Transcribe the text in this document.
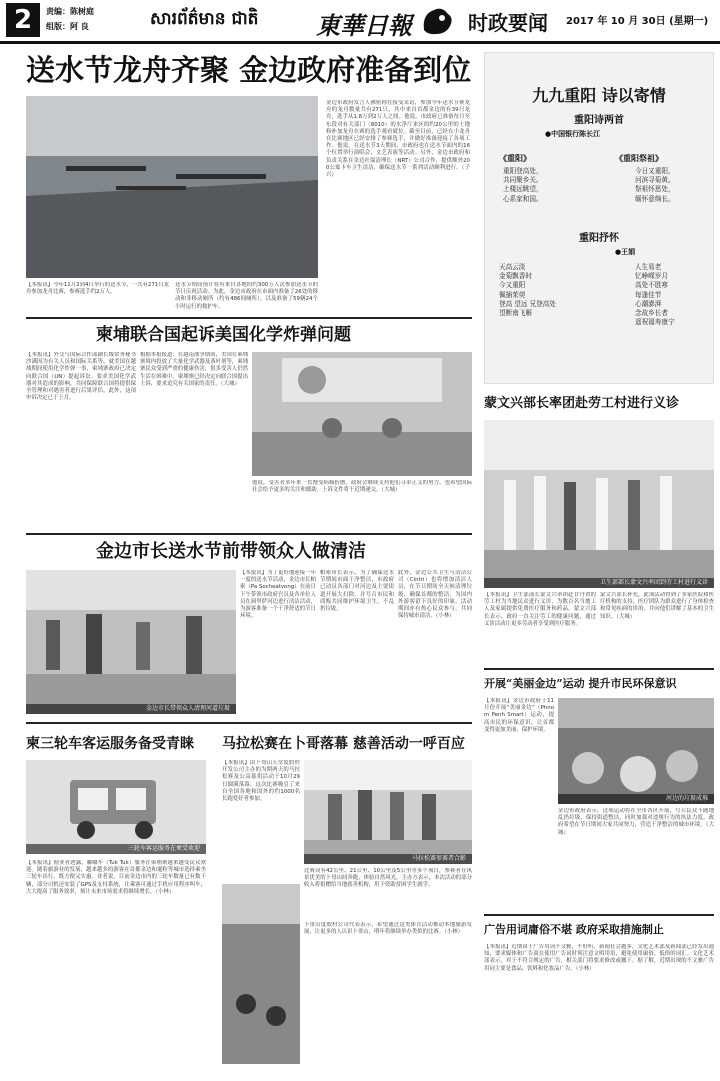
2	责编：陈树庭
组版：阿 良	សារព័ត៌មាន ជាតិ 東華日報	时政要闻 2017 年 10 月 30日 (星期一)
送水节龙舟齐聚 金边政府准备到位
【本报讯】今年11月2到4日举行的送水节，一共有271只龙舟参加龙舟比赛，参赛选手约2万人。
送水节期间预计将有来自各地的约300万人次参加送水节的节日庆祝活动。为此，金边市政府在市面内准备了26处的移动和非移动厕所（约有486间厕所），以及准备了59辆24个小时运行的救护车。
金边市政府发言人佛密称在接受采访，参加今年送水节赛龙舟的龙舟数量共有271只，其中来自首都金边的有39只龙舟，选手从1.8万到2万人之间。他说，市政府已准备每月至东段对有关部门（8010）的水净厅来区的约20公里的土地修补加龙舟在赛的选手观看就位。截至目前，已经在小龙舟在比赛地区已经安排了参赛选手，并做好准备迎接了各项工作。他说，在送水节3天期间，市政府也在送水节面内的16个位置举行演唱会，文艺表演等活动。另外，金边市政府和负责关系在金边社保清理长（NRT）公司合作，提供额外200公寓卡车卫生清洁，确保送水节一系列活动顺利进行。（子兴）
柬埔联合国起诉美国化学炸弹问题
【本报讯】外交与国际合作部副长级常务秘书沙满因为有关人员和国际关系等，就美国在越战期间使用化学炸弹一事，柬埔寨政府已决定向联合国（UN）提起诉讼。要求美国化学武器对其造成的影响，共同保障联合国将提供保全管理和对遇害者进行后果评估。此外，这项申诉决定已于上月。
根据本报报道：在越南战争期间，美国在柬埔寨境内投放了大量化学武器及落叶剂等，柬埔寨民众受到严重的健康伤害，很多受害人仍然生活在困难中。柬埔寨已经决定向联合国提出上诉，要求追究有关国家的责任。（大城）
他说，受害者多年来一直饱受病痛折磨，政府会继续支持他们寻求正义的努力，也希望国际社会给予更多的关注和援助。上诉文件将于近期递交。（大城）
金边市长送水节前带领众人做清洁
金边市长带领众人清理河道垃圾
【本报讯】为了更好地迎接一年一度的送水节活动，金边市长帕索（Pa Socheatvong）在前日下午带领市政府官员及各单位人员在洞里萨河边进行清洁活动，为游客准备一个干净舒适的节日环境。
帕索市长表示，为了确保送水节期间市面干净整洁，市政府已动员各部门对河边及主要街道开展大扫除，并号召市民和商贩共同维护环境卫生，不乱扔垃圾。
此外，金边公共卫生与清洁公司（Cintri）也将增加清洁人员，在节日期间全天候清理垃圾，确保首都的整洁，为国内外游客留下良好的印象。活动期间亦有热心民众参与，共同保持城市清洁。（小林）
柬三轮车客运服务备受青睐
三轮车客运服务在柬受欢迎
【本报讯】据业者透露，嘟嘟车（Tuk Tuk）服务在柬埔寨越来越受民众欢迎。随着旅游业的发展，越来越多的游客在首都金边和暹粒等城市选择乘坐三轮车出行，既方便又实惠。业者说，目前金边市内的三轮车数量已有数千辆，部分司机还安装了GPS及支付系统，让乘客可通过手机应用程序叫车，大大提高了服务效率，预计未来市场需求将继续增长。（小林）
马拉松赛在卜哥落幕 慈善活动一呼百应
【本报讯】由卜哥山天堂度假村开发公司主办的为期两天的马拉松赛及公益募捐活动于10月29日圆满落幕。这次比赛吸引了来自全国各地和国外的约1000名长跑爱好者参加。
马拉松赛参赛者合影
比赛设有42公里、21公里、10公里及5公里等多个项目，参赛者在风景优美的卜哥山间奔跑，体验自然风光。主办方表示，本次活动的部分收入将捐赠给当地慈善机构，用于资助贫困学生就学。
卜哥山度假村公司代表表示，希望通过这类体育活动推动本地旅游发展，让更多的人认识卜哥山，明年将继续举办类似的比赛。（小林）
九九重阳 诗以寄情
重阳诗两首
●中国银行陈长江
《重阳》
重阳登高处，
共同聚乡关。
上楼远眺望，
心系家和国。
《重阳祭祖》
今日又重阳，
河滨寻菊黄。
祭祖怀思处，
缅怀意绵长。
重阳抒怀
●王娟
天高云淡
金菊飘香时
今又重阳
佩插茱萸
登高 望远 兄登高处
望断南飞雁
人生易老
忆峥嵘岁月
高处不胜寒
每逢佳节
心潮澎湃
念故乡长者
遥祝福寿康宁
蒙文兴部长率团赴劳工村进行义诊
卫生部部长蒙文兴率团到劳工村进行义诊
【本报讯】卫生部部长蒙文兴率团赴甘丹省的劳工村为当地民众进行义诊，为数百名当地工人及家属提供免费医疗服务和药品。蒙文兴部长表示，政府一直关注劳工的健康问题，通过义诊活动让更多劳动者享受到医疗服务。
蒙文兴部长补充，此项活动得到了多家医院和医疗机构的支持，医疗团队为群众进行了身体检查和常见疾病的诊治，并向他们讲解了基本的卫生知识。（大城）
开展“美丽金边”运动 提升市民环保意识
【本报讯】金边市政府于11月份开展“美丽金边”（Phnom Penh Smart）运动，提高市民的环保意识，让首都变得更加美丽，保护环境。
河边的垃圾成堆
金边市政府表示，这项运动将在全市各区开展，号召民众不随地乱扔垃圾，保持街道整洁，同时加强对违规行为的执法力度。政府希望在节日期间大家共同努力，营造干净整洁的城市环境。（大城）
广告用词庸俗不堪 政府采取措施制止
【本报讯】近期由于广告用词不文雅，不好听，新闻社会越多，文化艺术部及新闻部已经发出通知，要求媒体和广告商在使用广告词时须注意文明用语，避免使用庸俗、低俗的词汇。文化艺术部表示，对于不符合规定的广告，相关部门将要求修改或撤下。据了解，近期出现的不文雅广告用词主要是食品、饮料和化妆品广告。（小林）
